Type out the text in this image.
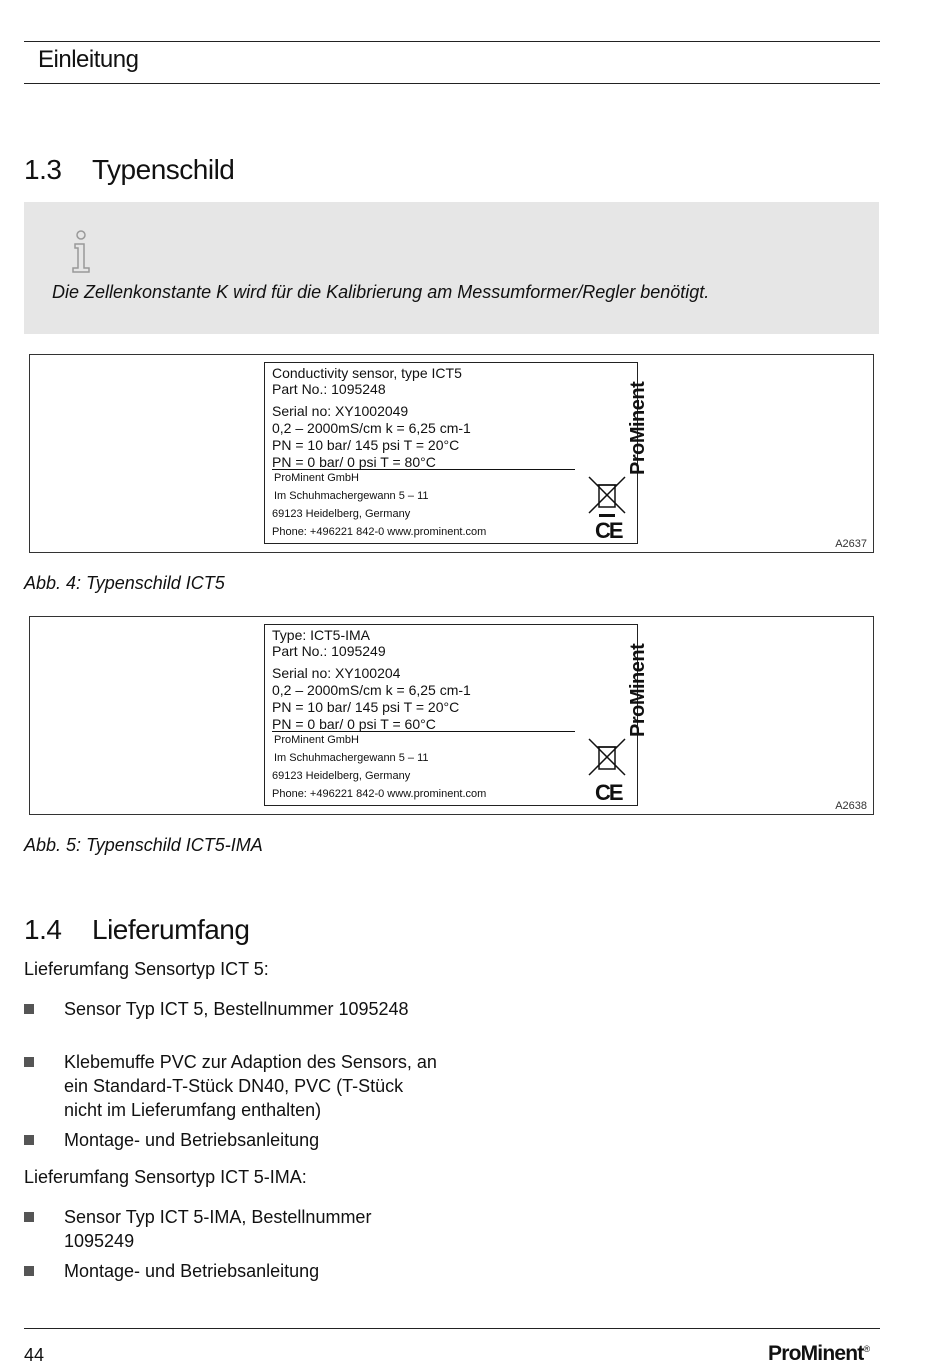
Einleitung
1.3 Typenschild
Die Zellenkonstante K wird für die Kalibrierung am Messumformer/Regler benötigt.
Conductivity sensor, type ICT5
Part No.: 1095248
Serial no: XY1002049
0,2 – 2000mS/cm k = 6,25 cm-1
PN = 10 bar/ 145 psi T = 20°C
PN = 0 bar/ 0 psi T = 80°C
ProMinent GmbH
Im Schuhmachergewann 5 – 11
69123 Heidelberg, Germany
Phone: +496221 842-0 www.prominent.com
ProMinent
CE
A2637
Abb. 4: Typenschild ICT5
Type: ICT5-IMA
Part No.: 1095249
Serial no: XY100204
0,2 – 2000mS/cm k = 6,25 cm-1
PN = 10 bar/ 145 psi T = 20°C
PN = 0 bar/ 0 psi T = 60°C
ProMinent GmbH
Im Schuhmachergewann 5 – 11
69123 Heidelberg, Germany
Phone: +496221 842-0 www.prominent.com
ProMinent
CE
A2638
Abb. 5: Typenschild ICT5-IMA
1.4 Lieferumfang
Lieferumfang Sensortyp ICT 5:
Sensor Typ ICT 5, Bestellnummer 1095248
Klebemuffe PVC zur Adaption des Sensors, an ein Standard-T-Stück DN40, PVC (T-Stück nicht im Lieferumfang enthalten)
Montage- und Betriebsanleitung
Lieferumfang Sensortyp ICT 5-IMA:
Sensor Typ ICT 5-IMA, Bestellnummer 1095249
Montage- und Betriebsanleitung
44	ProMinent®
